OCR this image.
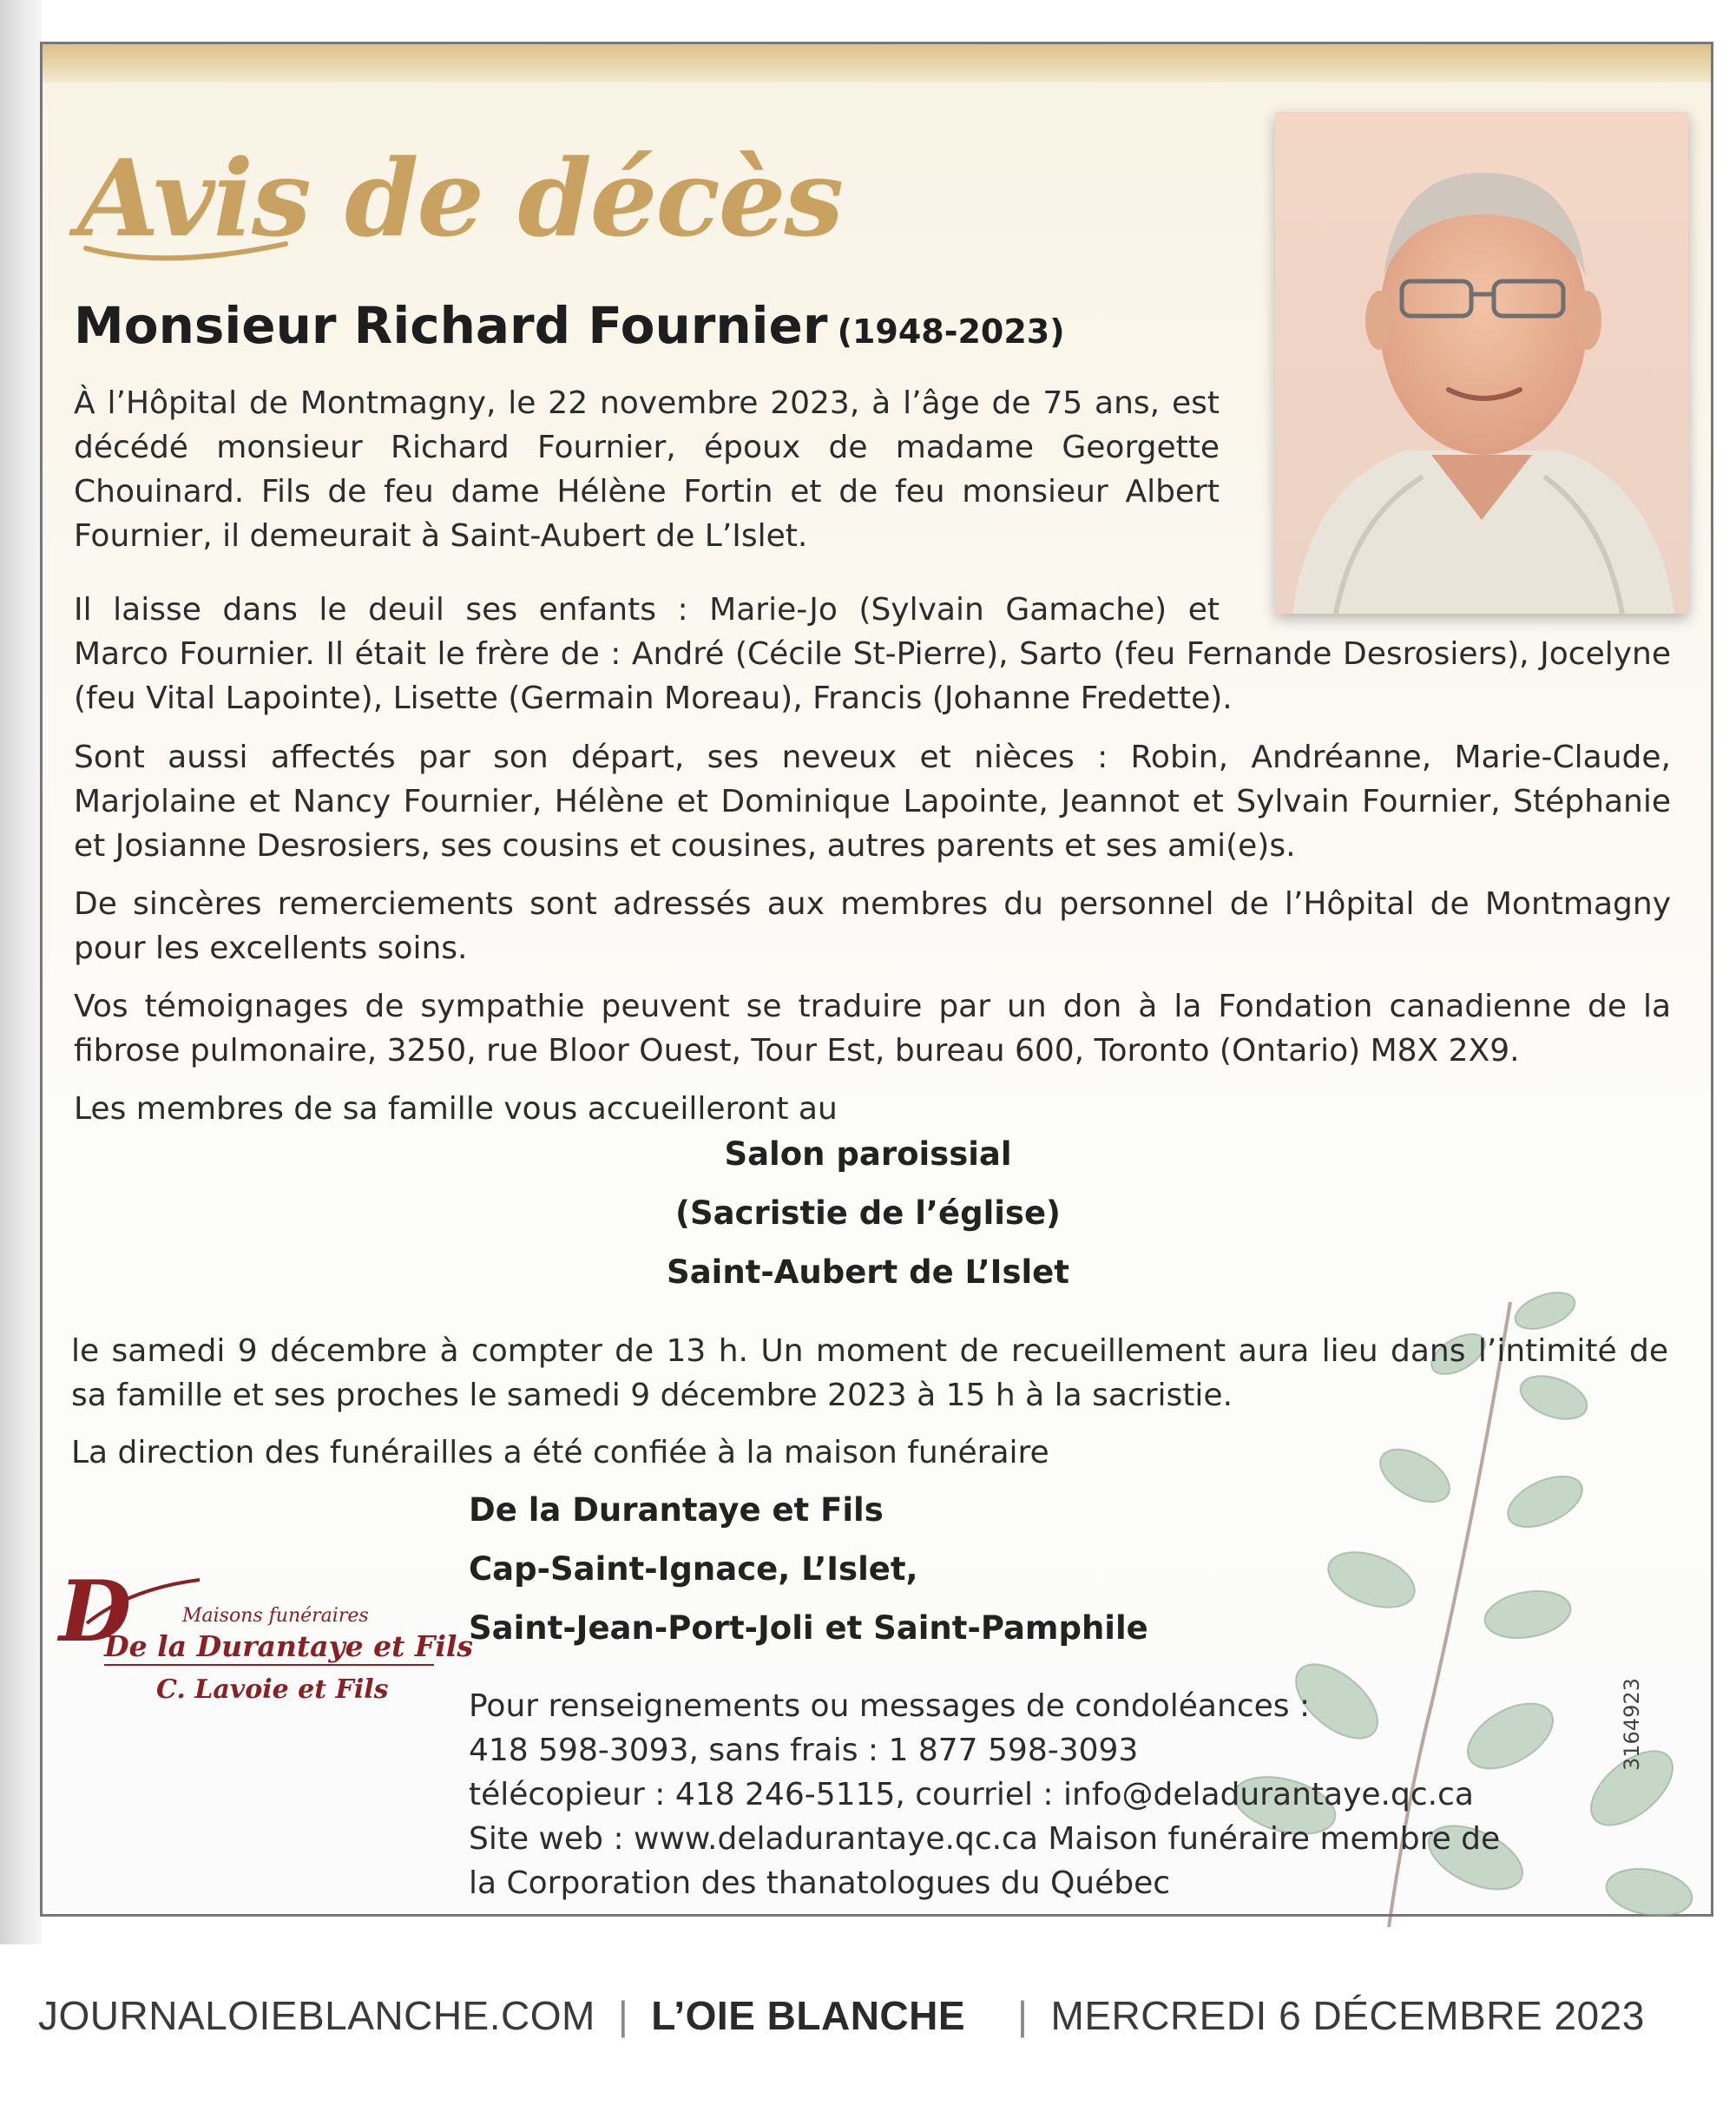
Avis de décès
Monsieur Richard Fournier (1948-2023)
À l’Hôpital de Montmagny, le 22 novembre 2023, à l’âge de 75 ans, est décédé monsieur Richard Fournier, époux de madame Georgette Chouinard. Fils de feu dame Hélène Fortin et de feu monsieur Albert Fournier, il demeurait à Saint-Aubert de L’Islet.
Il laisse dans le deuil ses enfants : Marie-Jo (Sylvain Gamache) et
Marco Fournier. Il était le frère de : André (Cécile St-Pierre), Sarto (feu Fernande Desrosiers), Jocelyne (feu Vital Lapointe), Lisette (Germain Moreau), Francis (Johanne Fredette).
Sont aussi affectés par son départ, ses neveux et nièces : Robin, Andréanne, Marie-Claude, Marjolaine et Nancy Fournier, Hélène et Dominique Lapointe, Jeannot et Sylvain Fournier, Stéphanie et Josianne Desrosiers, ses cousins et cousines, autres parents et ses ami(e)s.
De sincères remerciements sont adressés aux membres du personnel de l’Hôpital de Montmagny pour les excellents soins.
Vos témoignages de sympathie peuvent se traduire par un don à la Fondation canadienne de la fibrose pulmonaire, 3250, rue Bloor Ouest, Tour Est, bureau 600, Toronto (Ontario) M8X 2X9.
Les membres de sa famille vous accueilleront au
Salon paroissial
(Sacristie de l’église)
Saint-Aubert de L’Islet
le samedi 9 décembre à compter de 13 h. Un moment de recueillement aura lieu dans l’intimité de sa famille et ses proches le samedi 9 décembre 2023 à 15 h à la sacristie.
La direction des funérailles a été confiée à la maison funéraire
De la Durantaye et Fils
Cap-Saint-Ignace, L’Islet,
Saint-Jean-Port-Joli et Saint-Pamphile
D	Maisons funéraires
De la Durantaye et Fils
C. Lavoie et Fils	Pour renseignements ou messages de condoléances :
418 598-3093, sans frais : 1 877 598-3093
télécopieur : 418 246-5115, courriel : info@deladurantaye.qc.ca
Site web : www.deladurantaye.qc.ca Maison funéraire membre de
la Corporation des thanatologues du Québec
3164923
JOURNALOIEBLANCHE.COM | L’OIE BLANCHE | MERCREDI 6 DÉCEMBRE 2023
